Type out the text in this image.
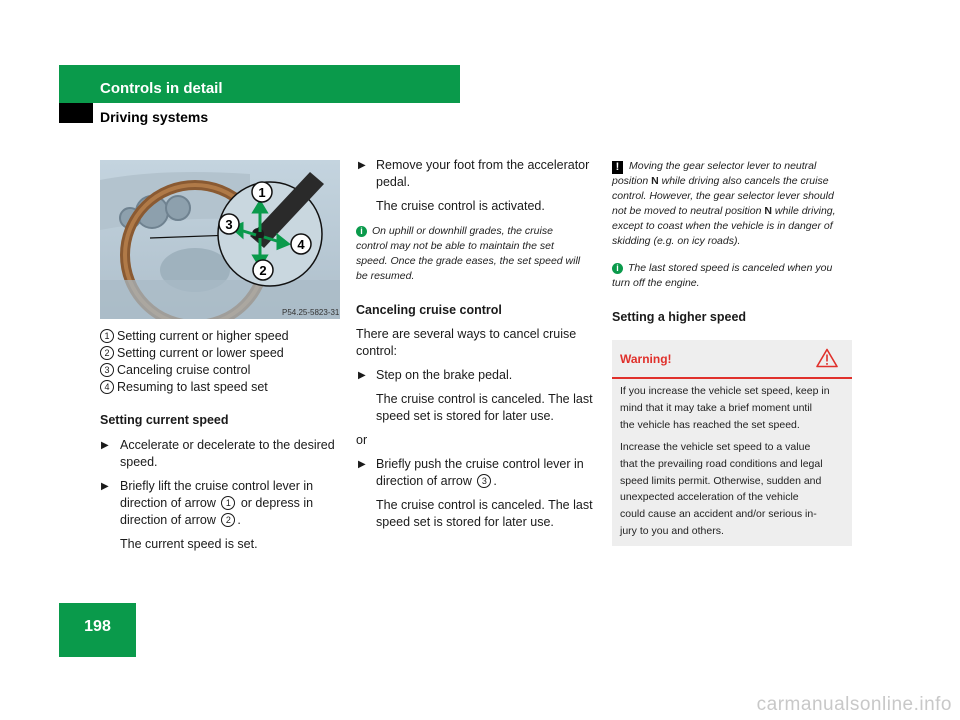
Controls in detail
Driving systems
1
2
3
4
P54.25-5823-31
1 Setting current or higher speed
2 Setting current or lower speed
3 Canceling cruise control
4 Resuming to last speed set
Setting current speed
▶ Accelerate or decelerate to the desired
speed.
▶ Briefly lift the cruise control lever in
direction of arrow 1 or depress in
direction of arrow 2 .
The current speed is set.
▶ Remove your foot from the accelerator
pedal.
The cruise control is activated.
i On uphill or downhill grades, the cruise
control may not be able to maintain the set
speed. Once the grade eases, the set speed will
be resumed.
Canceling cruise control
There are several ways to cancel cruise
control:
▶ Step on the brake pedal.
The cruise control is canceled. The last
speed set is stored for later use.
or
▶ Briefly push the cruise control lever in
direction of arrow 3 .
The cruise control is canceled. The last
speed set is stored for later use.
! Moving the gear selector lever to neutral
position N while driving also cancels the cruise
control. However, the gear selector lever should
not be moved to neutral position N while driving,
except to coast when the vehicle is in danger of
skidding (e.g. on icy roads).
i The last stored speed is canceled when you
turn off the engine.
Setting a higher speed
Warning!
If you increase the vehicle set speed, keep in
mind that it may take a brief moment until
the vehicle has reached the set speed.
Increase the vehicle set speed to a value
that the prevailing road conditions and legal
speed limits permit. Otherwise, sudden and
unexpected acceleration of the vehicle
could cause an accident and/or serious in-
jury to you and others.
198
carmanualsonline.info
